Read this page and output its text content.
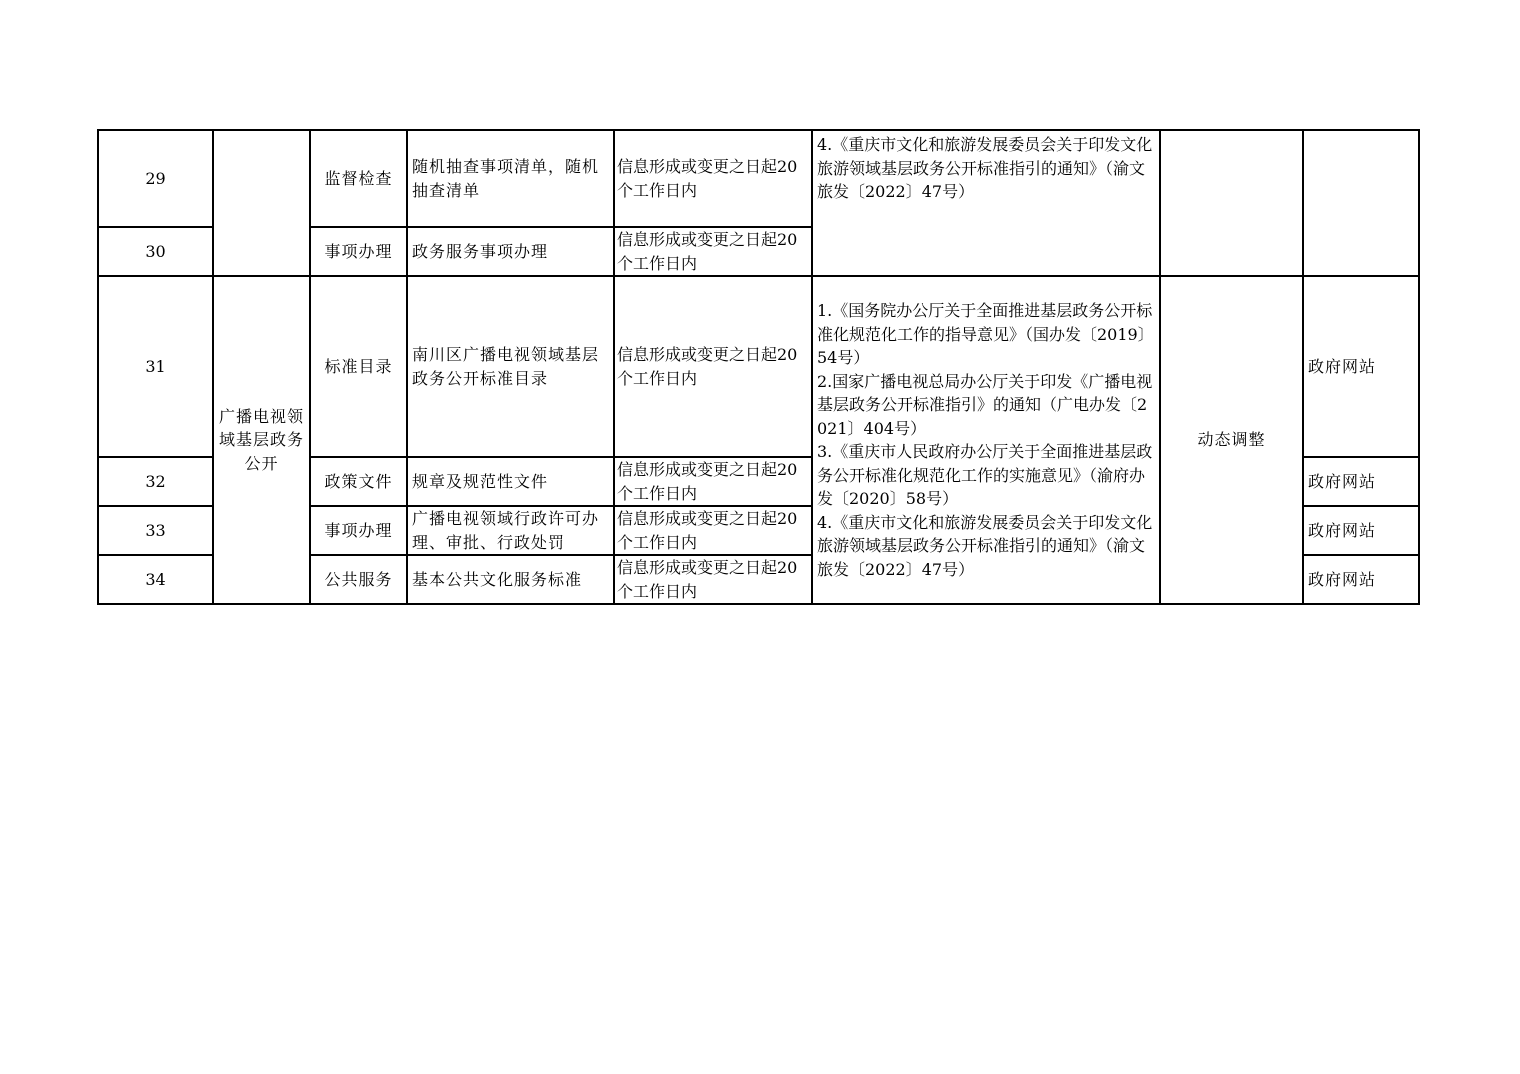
29		监督检查	随机抽查事项清单，随机抽查清单	信息形成或变更之日起20个工作日内	4.《重庆市文化和旅游发展委员会关于印发文化旅游领域基层政务公开标准指引的通知》（渝文旅发〔2022〕47号）		
30		事项办理	政务服务事项办理	信息形成或变更之日起20个工作日内			
31	广播电视领域基层政务公开	标准目录	南川区广播电视领域基层政务公开标准目录	信息形成或变更之日起20个工作日内	1.《国务院办公厅关于全面推进基层政务公开标准化规范化工作的指导意见》（国办发〔2019〕54号）
2.国家广播电视总局办公厅关于印发《广播电视基层政务公开标准指引》的通知（广电办发〔2021〕404号）
3.《重庆市人民政府办公厅关于全面推进基层政务公开标准化规范化工作的实施意见》（渝府办发〔2020〕58号）
4.《重庆市文化和旅游发展委员会关于印发文化旅游领域基层政务公开标准指引的通知》（渝文旅发〔2022〕47号）	动态调整	政府网站
32		政策文件	规章及规范性文件	信息形成或变更之日起20个工作日内			政府网站
33		事项办理	广播电视领域行政许可办理、审批、行政处罚	信息形成或变更之日起20个工作日内			政府网站
34		公共服务	基本公共文化服务标准	信息形成或变更之日起20个工作日内			政府网站
